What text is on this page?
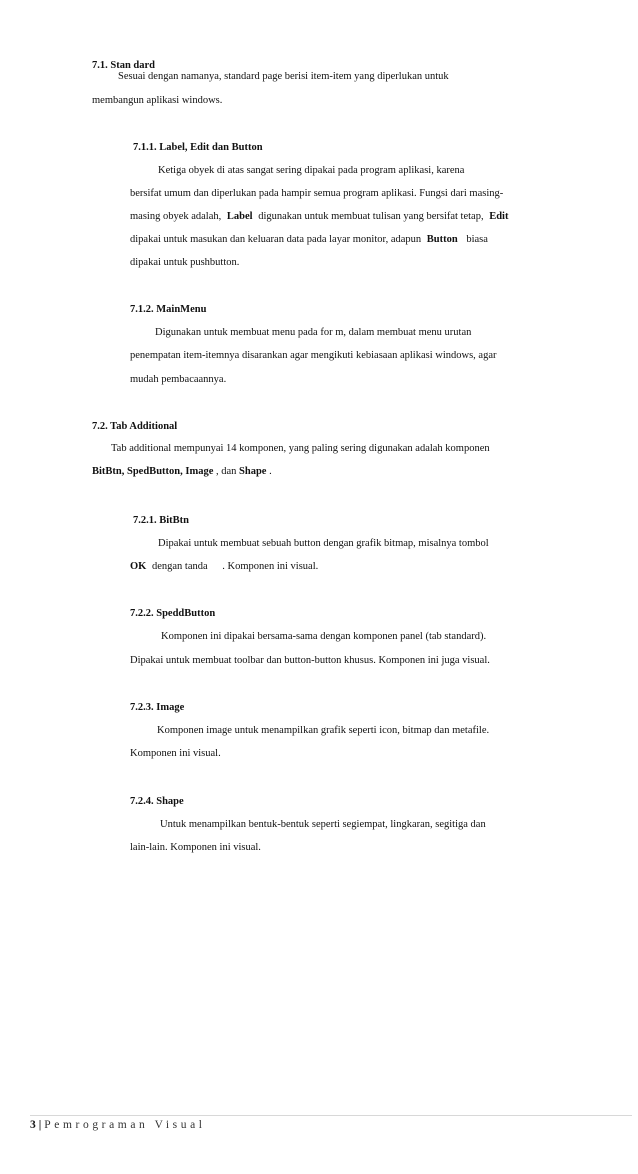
7.1. Stan dard
Sesuai dengan namanya, standard page berisi item-item yang diperlukan untuk
membangun aplikasi windows.
7.1.1. Label, Edit dan Button
Ketiga obyek di atas sangat sering dipakai pada program aplikasi, karena
bersifat umum dan diperlukan pada hampir semua program aplikasi. Fungsi dari masing-
masing obyek adalah, Label digunakan untuk membuat tulisan yang bersifat tetap, Edit
dipakai untuk masukan dan keluaran data pada layar monitor, adapun Button biasa
dipakai untuk pushbutton.
7.1.2. MainMenu
Digunakan untuk membuat menu pada for m, dalam membuat menu urutan
penempatan item-itemnya disarankan agar mengikuti kebiasaan aplikasi windows, agar
mudah pembacaannya.
7.2. Tab Additional
Tab additional mempunyai 14 komponen, yang paling sering digunakan adalah komponen
BitBtn, SpedButton, Image , dan Shape .
7.2.1. BitBtn
Dipakai untuk membuat sebuah button dengan grafik bitmap, misalnya tombol
OK dengan tanda . Komponen ini visual.
7.2.2. SpeddButton
Komponen ini dipakai bersama-sama dengan komponen panel (tab standard).
Dipakai untuk membuat toolbar dan button-button khusus. Komponen ini juga visual.
7.2.3. Image
Komponen image untuk menampilkan grafik seperti icon, bitmap dan metafile.
Komponen ini visual.
7.2.4. Shape
Untuk menampilkan bentuk-bentuk seperti segiempat, lingkaran, segitiga dan
lain-lain. Komponen ini visual.
3 | Pemrograman Visual
